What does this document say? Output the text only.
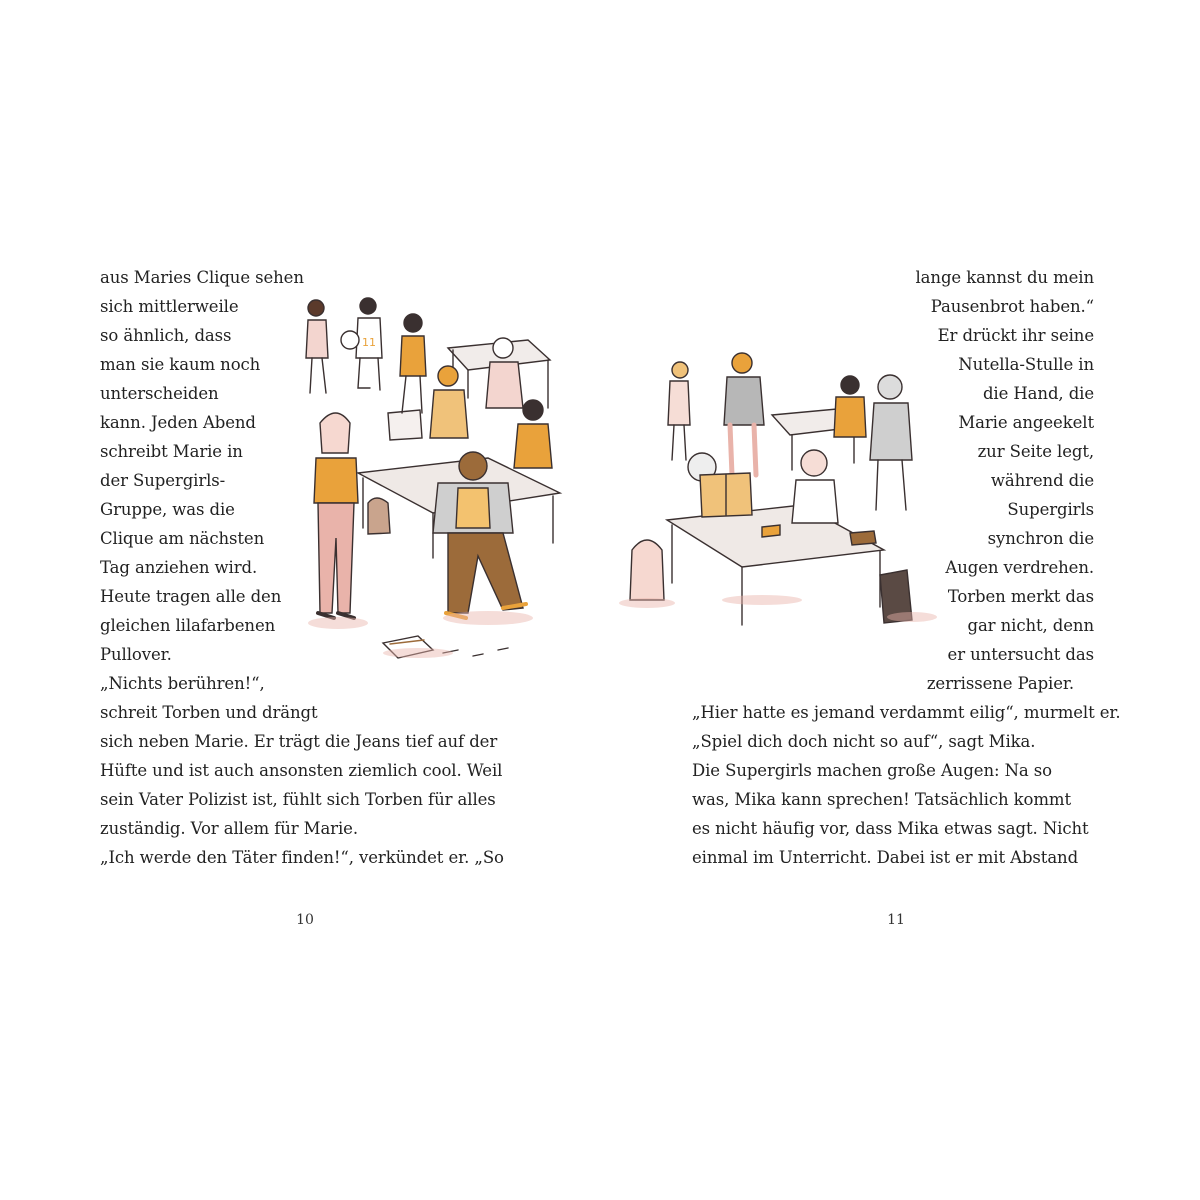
aus Maries Clique sehen
sich mittlerweile
so ähnlich, dass
man sie kaum noch
unterscheiden
kann. Jeden Abend
schreibt Marie in
der Supergirls-
Gruppe, was die
Clique am nächsten
Tag anziehen wird.
Heute tragen alle den
gleichen lilafarbenen
Pullover.
„Nichts berühren!“,
schreit Torben und drängt
sich neben Marie. Er trägt die Jeans tief auf der
Hüfte und ist auch ansonsten ziemlich cool. Weil
sein Vater Polizist ist, fühlt sich Torben für alles
zuständig. Vor allem für Marie.
„Ich werde den Täter finden!“, verkündet er. „So
10
11
lange kannst du mein
Pausenbrot haben.“
Er drückt ihr seine
Nutella-Stulle in
die Hand, die
Marie angeekelt
zur Seite legt,
während die
Supergirls
synchron die
Augen verdrehen.
Torben merkt das
gar nicht, denn
er untersucht das
zerrissene Papier.
„Hier hatte es jemand verdammt eilig“, murmelt er.
„Spiel dich doch nicht so auf“, sagt Mika.
Die Supergirls machen große Augen: Na so
was, Mika kann sprechen! Tatsächlich kommt
es nicht häufig vor, dass Mika etwas sagt. Nicht
einmal im Unterricht. Dabei ist er mit Abstand
11
